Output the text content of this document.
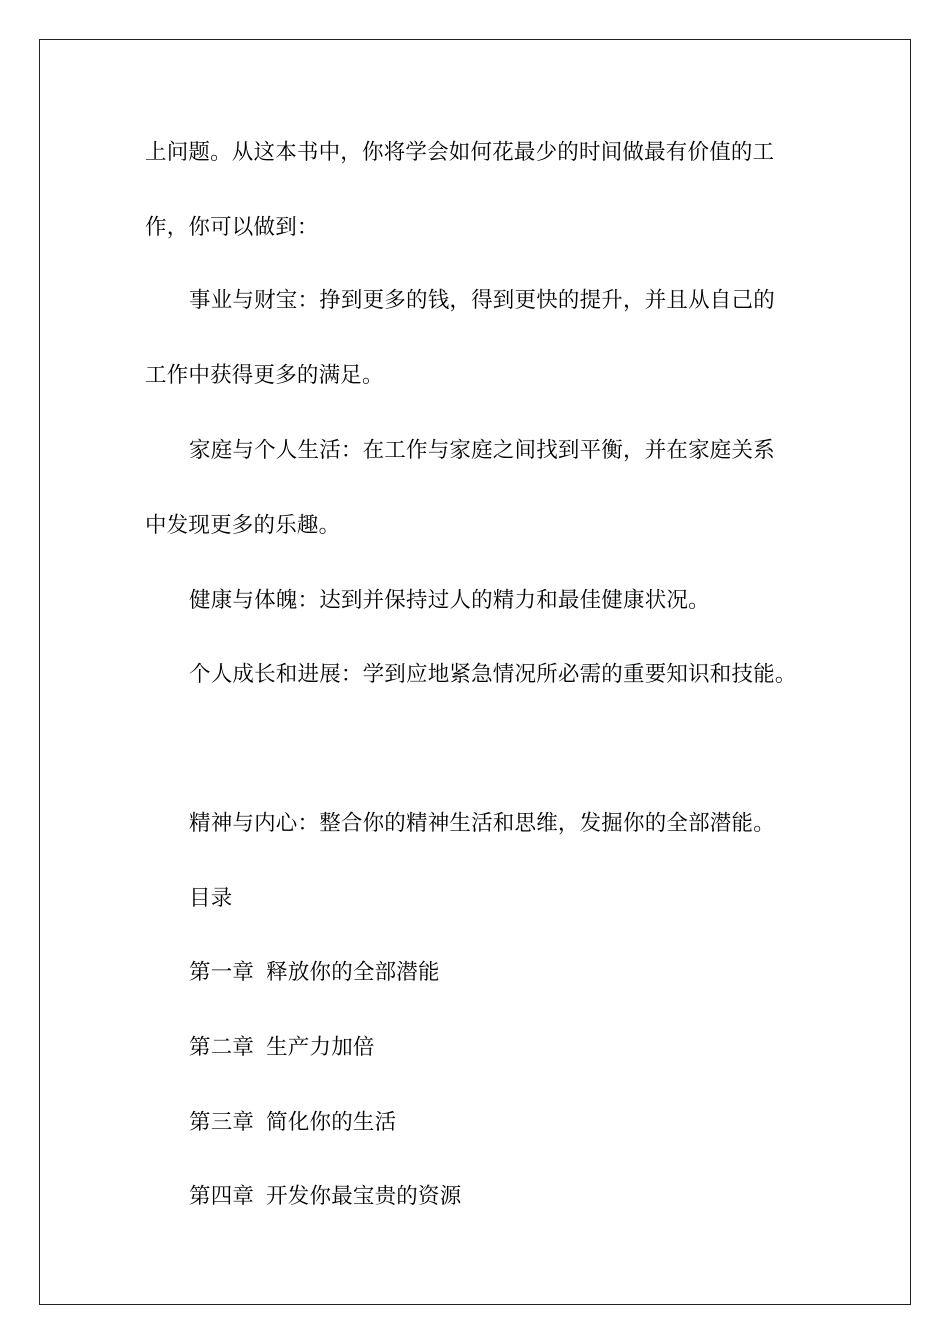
上问题。从这本书中，你将学会如何花最少的时间做最有价值的工
作，你可以做到：
事业与财宝：挣到更多的钱，得到更快的提升，并且从自己的
工作中获得更多的满足。
家庭与个人生活：在工作与家庭之间找到平衡，并在家庭关系
中发现更多的乐趣。
健康与体魄：达到并保持过人的精力和最佳健康状况。
个人成长和进展：学到应地紧急情况所必需的重要知识和技能。
精神与内心：整合你的精神生活和思维，发掘你的全部潜能。
目录
第一章 释放你的全部潜能
第二章 生产力加倍
第三章 简化你的生活
第四章 开发你最宝贵的资源
